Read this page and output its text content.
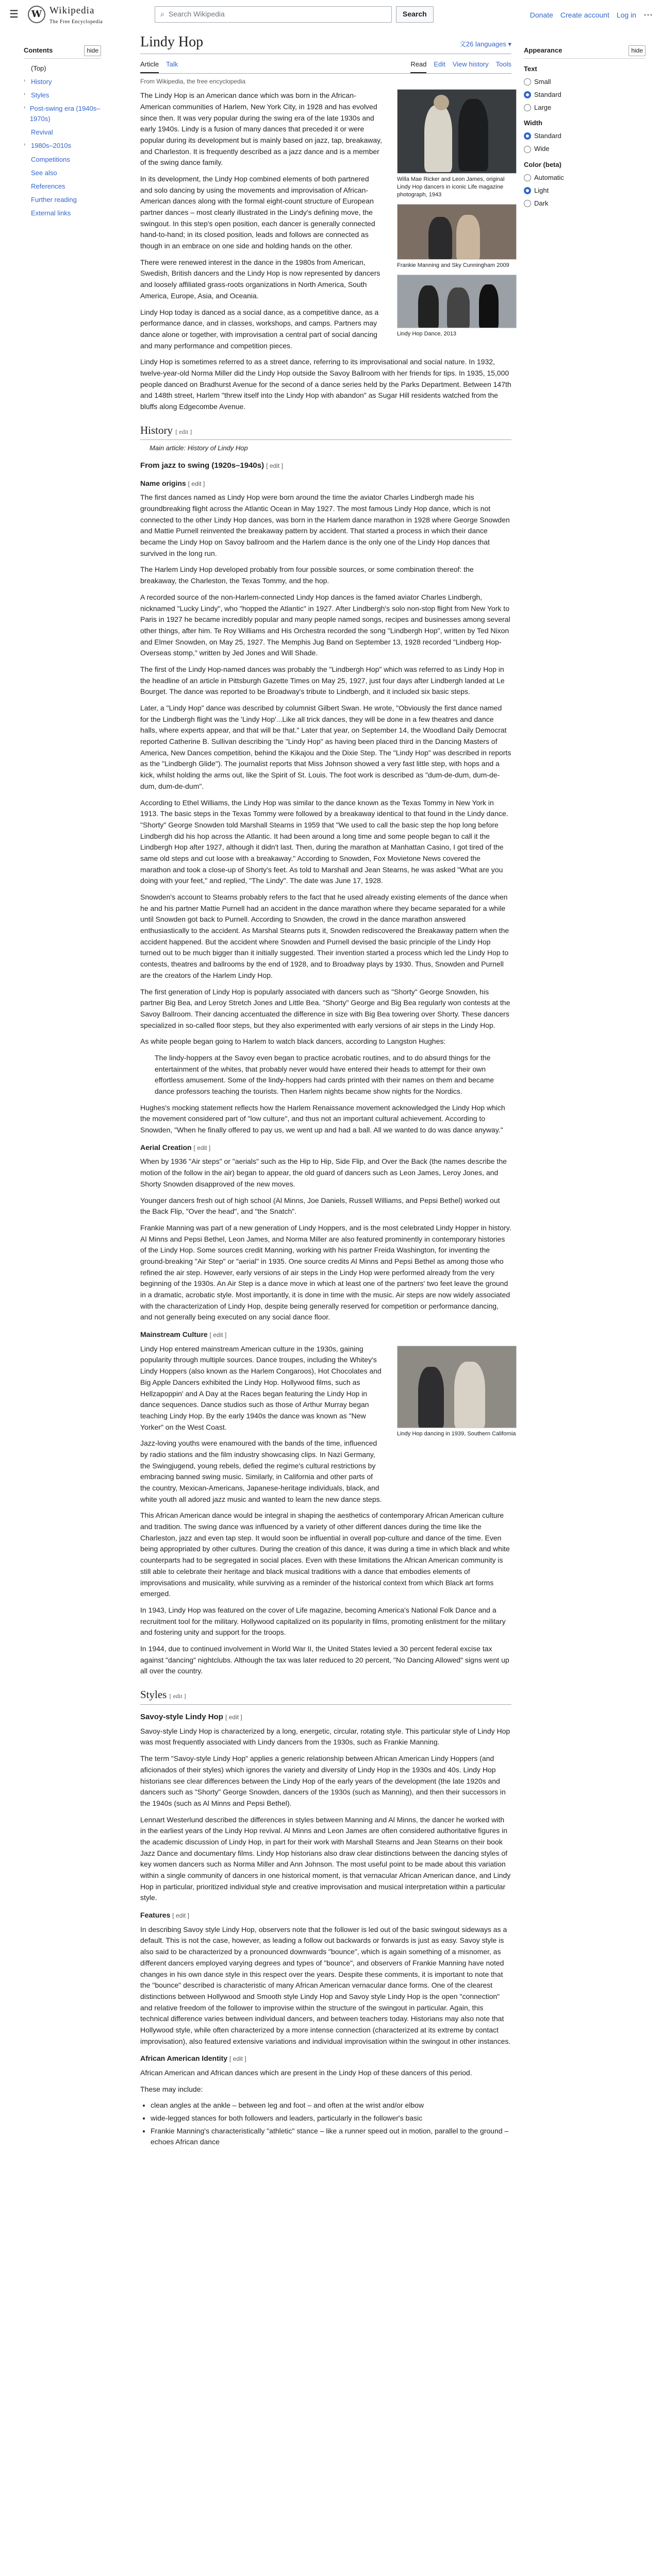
☰	W Wikipedia
The Free Encyclopedia
⌕ Search Wikipedia	Search	Donate Create account Log in ⋯
Contents	hide
(Top)
› History
› Styles
› Post-swing era (1940s–1970s)
Revival
› 1980s–2010s
Competitions
See also
References
Further reading
External links
Lindy Hop	文26 languages ▾
Article Talk	Read Edit View history Tools
From Wikipedia, the free encyclopedia
Willa Mae Ricker and Leon James, original Lindy Hop dancers in iconic Life magazine photograph, 1943
Frankie Manning and Sky Cunningham 2009
Lindy Hop Dance, 2013

The Lindy Hop is an American dance which was born in the African-American communities of Harlem, New York City, in 1928 and has evolved since then. It was very popular during the swing era of the late 1930s and early 1940s. Lindy is a fusion of many dances that preceded it or were popular during its development but is mainly based on jazz, tap, breakaway, and Charleston. It is frequently described as a jazz dance and is a member of the swing dance family.

In its development, the Lindy Hop combined elements of both partnered and solo dancing by using the movements and improvisation of African-American dances along with the formal eight-count structure of European partner dances – most clearly illustrated in the Lindy's defining move, the swingout. In this step's open position, each dancer is generally connected hand-to-hand; in its closed position, leads and follows are connected as though in an embrace on one side and holding hands on the other.

There were renewed interest in the dance in the 1980s from American, Swedish, British dancers and the Lindy Hop is now represented by dancers and loosely affiliated grass-roots organizations in North America, South America, Europe, Asia, and Oceania.

Lindy Hop today is danced as a social dance, as a competitive dance, as a performance dance, and in classes, workshops, and camps. Partners may dance alone or together, with improvisation a central part of social dancing and many performance and competition pieces.

Lindy Hop is sometimes referred to as a street dance, referring to its improvisational and social nature. In 1932, twelve-year-old Norma Miller did the Lindy Hop outside the Savoy Ballroom with her friends for tips. In 1935, 15,000 people danced on Bradhurst Avenue for the second of a dance series held by the Parks Department. Between 147th and 148th street, Harlem "threw itself into the Lindy Hop with abandon" as Sugar Hill residents watched from the bluffs along Edgecombe Avenue.

History [ edit ]
Main article: History of Lindy Hop
From jazz to swing (1920s–1940s) [ edit ]
Name origins [ edit ]

The first dances named as Lindy Hop were born around the time the aviator Charles Lindbergh made his groundbreaking flight across the Atlantic Ocean in May 1927. The most famous Lindy Hop dance, which is not connected to the other Lindy Hop dances, was born in the Harlem dance marathon in 1928 where George Snowden and Mattie Purnell reinvented the breakaway pattern by accident. That started a process in which their dance became the Lindy Hop on Savoy ballroom and the Harlem dance is the only one of the Lindy Hop dances that survived in the long run.

The Harlem Lindy Hop developed probably from four possible sources, or some combination thereof: the breakaway, the Charleston, the Texas Tommy, and the hop.

A recorded source of the non-Harlem-connected Lindy Hop dances is the famed aviator Charles Lindbergh, nicknamed "Lucky Lindy", who "hopped the Atlantic" in 1927. After Lindbergh's solo non-stop flight from New York to Paris in 1927 he became incredibly popular and many people named songs, recipes and businesses among several other things, after him. Te Roy Williams and His Orchestra recorded the song "Lindbergh Hop", written by Ted Nixon and Elmer Snowden, on May 25, 1927. The Memphis Jug Band on September 13, 1928 recorded "Lindberg Hop- Overseas stomp," written by Jed Jones and Will Shade.

The first of the Lindy Hop-named dances was probably the "Lindbergh Hop" which was referred to as Lindy Hop in the headline of an article in Pittsburgh Gazette Times on May 25, 1927, just four days after Lindbergh landed at Le Bourget. The dance was reported to be Broadway's tribute to Lindbergh, and it included six basic steps.

Later, a "Lindy Hop" dance was described by columnist Gilbert Swan. He wrote, "Obviously the first dance named for the Lindbergh flight was the 'Lindy Hop'...Like all trick dances, they will be done in a few theatres and dance halls, where experts appear, and that will be that." Later that year, on September 14, the Woodland Daily Democrat reported Catherine B. Sullivan describing the "Lindy Hop" as having been placed third in the Dancing Masters of America, New Dances competition, behind the Kikajou and the Dixie Step. The "Lindy Hop" was described in reports as the "Lindbergh Glide"). The journalist reports that Miss Johnson showed a very fast little step, with hops and a kick, whilst holding the arms out, like the Spirit of St. Louis. The foot work is described as "dum-de-dum, dum-de-dum, dum-de-dum".

According to Ethel Williams, the Lindy Hop was similar to the dance known as the Texas Tommy in New York in 1913. The basic steps in the Texas Tommy were followed by a breakaway identical to that found in the Lindy dance. "Shorty" George Snowden told Marshall Stearns in 1959 that "We used to call the basic step the hop long before Lindbergh did his hop across the Atlantic. It had been around a long time and some people began to call it the Lindbergh Hop after 1927, although it didn't last. Then, during the marathon at Manhattan Casino, I got tired of the same old steps and cut loose with a breakaway." According to Snowden, Fox Movietone News covered the marathon and took a close-up of Shorty's feet. As told to Marshall and Jean Stearns, he was asked "What are you doing with your feet," and replied, "The Lindy". The date was June 17, 1928.

Snowden's account to Stearns probably refers to the fact that he used already existing elements of the dance when he and his partner Mattie Purnell had an accident in the dance marathon where they became separated for a while until Snowden got back to Purnell. According to Snowden, the crowd in the dance marathon answered enthusiastically to the accident. As Marshal Stearns puts it, Snowden rediscovered the Breakaway pattern when the accident happened. But the accident where Snowden and Purnell devised the basic principle of the Lindy Hop turned out to be much bigger than it initially suggested. Their invention started a process which led the Lindy Hop to contests, theatres and ballrooms by the end of 1928, and to Broadway plays by 1930. Thus, Snowden and Purnell are the creators of the Harlem Lindy Hop.

The first generation of Lindy Hop is popularly associated with dancers such as "Shorty" George Snowden, his partner Big Bea, and Leroy Stretch Jones and Little Bea. "Shorty" George and Big Bea regularly won contests at the Savoy Ballroom. Their dancing accentuated the difference in size with Big Bea towering over Shorty. These dancers specialized in so-called floor steps, but they also experimented with early versions of air steps in the Lindy Hop.

As white people began going to Harlem to watch black dancers, according to Langston Hughes:

The lindy-hoppers at the Savoy even began to practice acrobatic routines, and to do absurd things for the entertainment of the whites, that probably never would have entered their heads to attempt for their own effortless amusement. Some of the lindy-hoppers had cards printed with their names on them and became dance professors teaching the tourists. Then Harlem nights became show nights for the Nordics.

Hughes's mocking statement reflects how the Harlem Renaissance movement acknowledged the Lindy Hop which the movement considered part of "low culture", and thus not an important cultural achievement. According to Snowden, "When he finally offered to pay us, we went up and had a ball. All we wanted to do was dance anyway."

Aerial Creation [ edit ]

When by 1936 "Air steps" or "aerials" such as the Hip to Hip, Side Flip, and Over the Back (the names describe the motion of the follow in the air) began to appear, the old guard of dancers such as Leon James, Leroy Jones, and Shorty Snowden disapproved of the new moves.

Younger dancers fresh out of high school (Al Minns, Joe Daniels, Russell Williams, and Pepsi Bethel) worked out the Back Flip, "Over the head", and "the Snatch".

Frankie Manning was part of a new generation of Lindy Hoppers, and is the most celebrated Lindy Hopper in history. Al Minns and Pepsi Bethel, Leon James, and Norma Miller are also featured prominently in contemporary histories of the Lindy Hop. Some sources credit Manning, working with his partner Freida Washington, for inventing the ground-breaking "Air Step" or "aerial" in 1935. One source credits Al Minns and Pepsi Bethel as among those who refined the air step. However, early versions of air steps in the Lindy Hop were performed already from the very beginning of the 1930s. An Air Step is a dance move in which at least one of the partners' two feet leave the ground in a dramatic, acrobatic style. Most importantly, it is done in time with the music. Air steps are now widely associated with the characterization of Lindy Hop, despite being generally reserved for competition or performance dancing, and not generally being executed on any social dance floor.

Mainstream Culture [ edit ]
Lindy Hop dancing in 1939, Southern California

Lindy Hop entered mainstream American culture in the 1930s, gaining popularity through multiple sources. Dance troupes, including the Whitey's Lindy Hoppers (also known as the Harlem Congaroos), Hot Chocolates and Big Apple Dancers exhibited the Lindy Hop. Hollywood films, such as Hellzapoppin' and A Day at the Races began featuring the Lindy Hop in dance sequences. Dance studios such as those of Arthur Murray began teaching Lindy Hop. By the early 1940s the dance was known as "New Yorker" on the West Coast.

Jazz-loving youths were enamoured with the bands of the time, influenced by radio stations and the film industry showcasing clips. In Nazi Germany, the Swingjugend, young rebels, defied the regime's cultural restrictions by embracing banned swing music. Similarly, in California and other parts of the country, Mexican-Americans, Japanese-heritage individuals, black, and white youth all adored jazz music and wanted to learn the new dance steps.

This African American dance would be integral in shaping the aesthetics of contemporary African American culture and tradition. The swing dance was influenced by a variety of other different dances during the time like the Charleston, jazz and even tap step. It would soon be influential in overall pop-culture and dance of the time. Even being appropriated by other cultures. During the creation of this dance, it was during a time in which black and white counterparts had to be segregated in social places. Even with these limitations the African American community is still able to celebrate their heritage and black musical traditions with a dance that embodies elements of improvisations and musicality, while surviving as a reminder of the historical context from which Black art forms emerged.

In 1943, Lindy Hop was featured on the cover of Life magazine, becoming America's National Folk Dance and a recruitment tool for the military. Hollywood capitalized on its popularity in films, promoting enlistment for the military and fostering unity and support for the troops.

In 1944, due to continued involvement in World War II, the United States levied a 30 percent federal excise tax against "dancing" nightclubs. Although the tax was later reduced to 20 percent, "No Dancing Allowed" signs went up all over the country.

Styles [ edit ]
Savoy-style Lindy Hop [ edit ]

Savoy-style Lindy Hop is characterized by a long, energetic, circular, rotating style. This particular style of Lindy Hop was most frequently associated with Lindy dancers from the 1930s, such as Frankie Manning.

The term "Savoy-style Lindy Hop" applies a generic relationship between African American Lindy Hoppers (and aficionados of their styles) which ignores the variety and diversity of Lindy Hop in the 1930s and 40s. Lindy Hop historians see clear differences between the Lindy Hop of the early years of the development (the late 1920s and dancers such as "Shorty" George Snowden, dancers of the 1930s (such as Manning), and then their successors in the 1940s (such as Al Minns and Pepsi Bethel).

Lennart Westerlund described the differences in styles between Manning and Al Minns, the dancer he worked with in the earliest years of the Lindy Hop revival. Al Minns and Leon James are often considered authoritative figures in the academic discussion of Lindy Hop, in part for their work with Marshall Stearns and Jean Stearns on their book Jazz Dance and documentary films. Lindy Hop historians also draw clear distinctions between the dancing styles of key women dancers such as Norma Miller and Ann Johnson. The most useful point to be made about this variation within a single community of dancers in one historical moment, is that vernacular African American dance, and Lindy Hop in particular, prioritized individual style and creative improvisation and musical interpretation within a particular style.

Features [ edit ]

In describing Savoy style Lindy Hop, observers note that the follower is led out of the basic swingout sideways as a default. This is not the case, however, as leading a follow out backwards or forwards is just as easy. Savoy style is also said to be characterized by a pronounced downwards "bounce", which is again something of a misnomer, as different dancers employed varying degrees and types of "bounce", and observers of Frankie Manning have noted changes in his own dance style in this respect over the years. Despite these comments, it is important to note that the "bounce" described is characteristic of many African American vernacular dance forms. One of the clearest distinctions between Hollywood and Smooth style Lindy Hop and Savoy style Lindy Hop is the open "connection" and relative freedom of the follower to improvise within the structure of the swingout in particular. Again, this technical difference varies between individual dancers, and between teachers today. Historians may also note that Hollywood style, while often characterized by a more intense connection (characterized at its extreme by contact improvisation), also featured extensive variations and individual improvisation within the swingout in other instances.

African American Identity [ edit ]

African American and African dances which are present in the Lindy Hop of these dancers of this period.

These may include:

• clean angles at the ankle – between leg and foot – and often at the wrist and/or elbow
• wide-legged stances for both followers and leaders, particularly in the follower's basic
• Frankie Manning's characteristically "athletic" stance – like a runner speed out in motion, parallel to the ground – echoes African dance
Appearance	hide
Text
Small
Standard
Large
Width
Standard
Wide
Color (beta)
Automatic
Light
Dark
